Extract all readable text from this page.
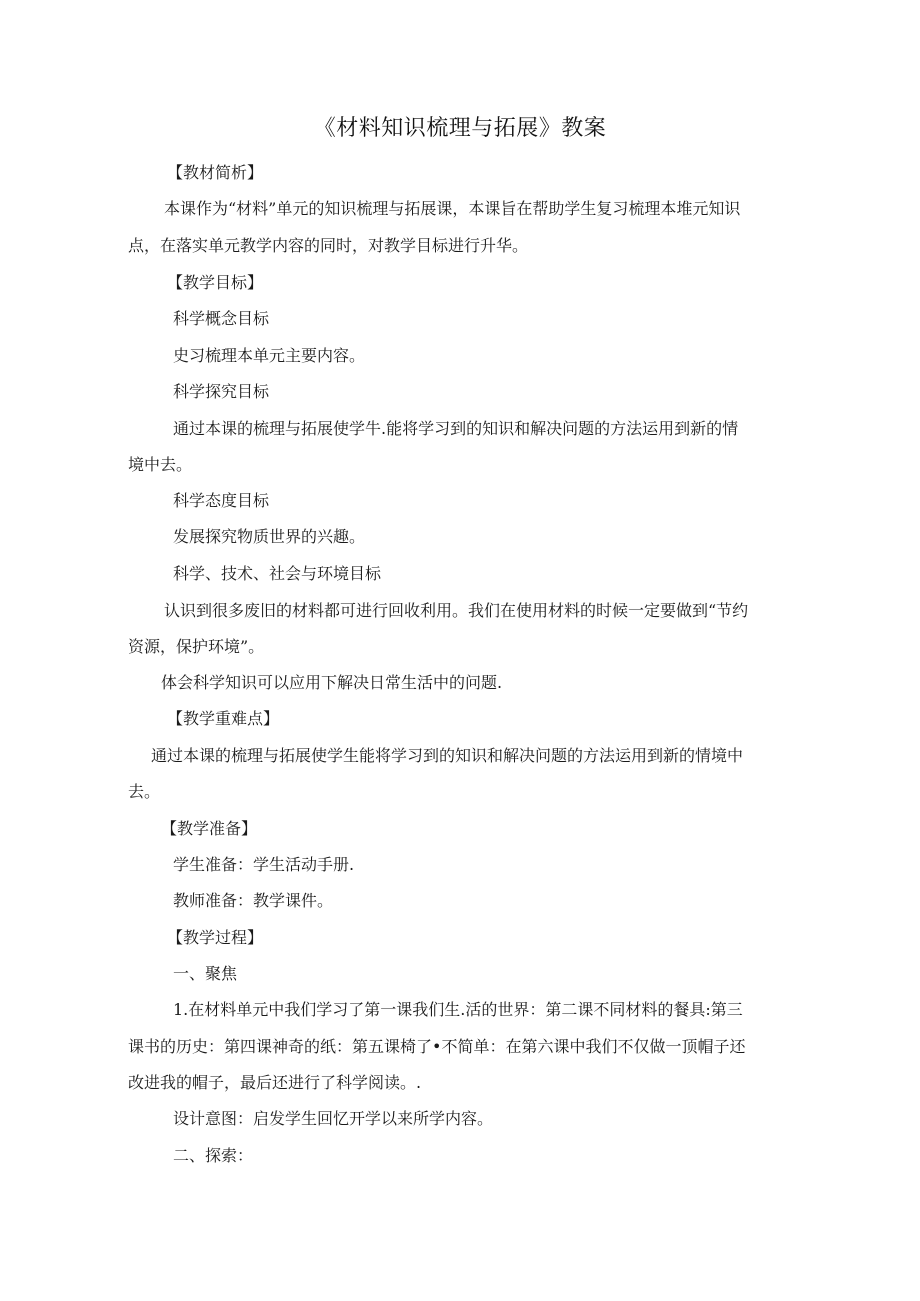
《材料知识梳理与拓展》教案
【教材简析】
本课作为“材料”单元的知识梳理与拓展课，本课旨在帮助学生复习梳理本堆元知识
点，在落实单元教学内容的同时，对教学目标进行升华。
【教学目标】
科学概念目标
史习梳理本单元主要内容。
科学探究目标
通过本课的梳理与拓展使学牛.能将学习到的知识和解决问题的方法运用到新的情
境中去。
科学态度目标
发展探究物质世界的兴趣。
科学、技术、社会与环境目标
认识到很多废旧的材料都可进行回收利用。我们在使用材料的时候一定要做到“节约
资源，保护环境”。
体会科学知识可以应用下解决日常生活中的问题.
【教学重难点】
通过本课的梳理与拓展使学生能将学习到的知识和解决问题的方法运用到新的情境中
去。
【教学准备】
学生准备：学生活动手册.
教师准备：教学课件。
【教学过程】
一、聚焦
1.在材料单元中我们学习了第一课我们生.活的世界：第二课不同材料的餐具:第三
课书的历史：第四课神奇的纸：第五课椅了•不简单：在第六课中我们不仅做一顶帽子还
改进我的帽子，最后还进行了科学阅读。.
设计意图：启发学生回忆开学以来所学内容。
二、探索：
